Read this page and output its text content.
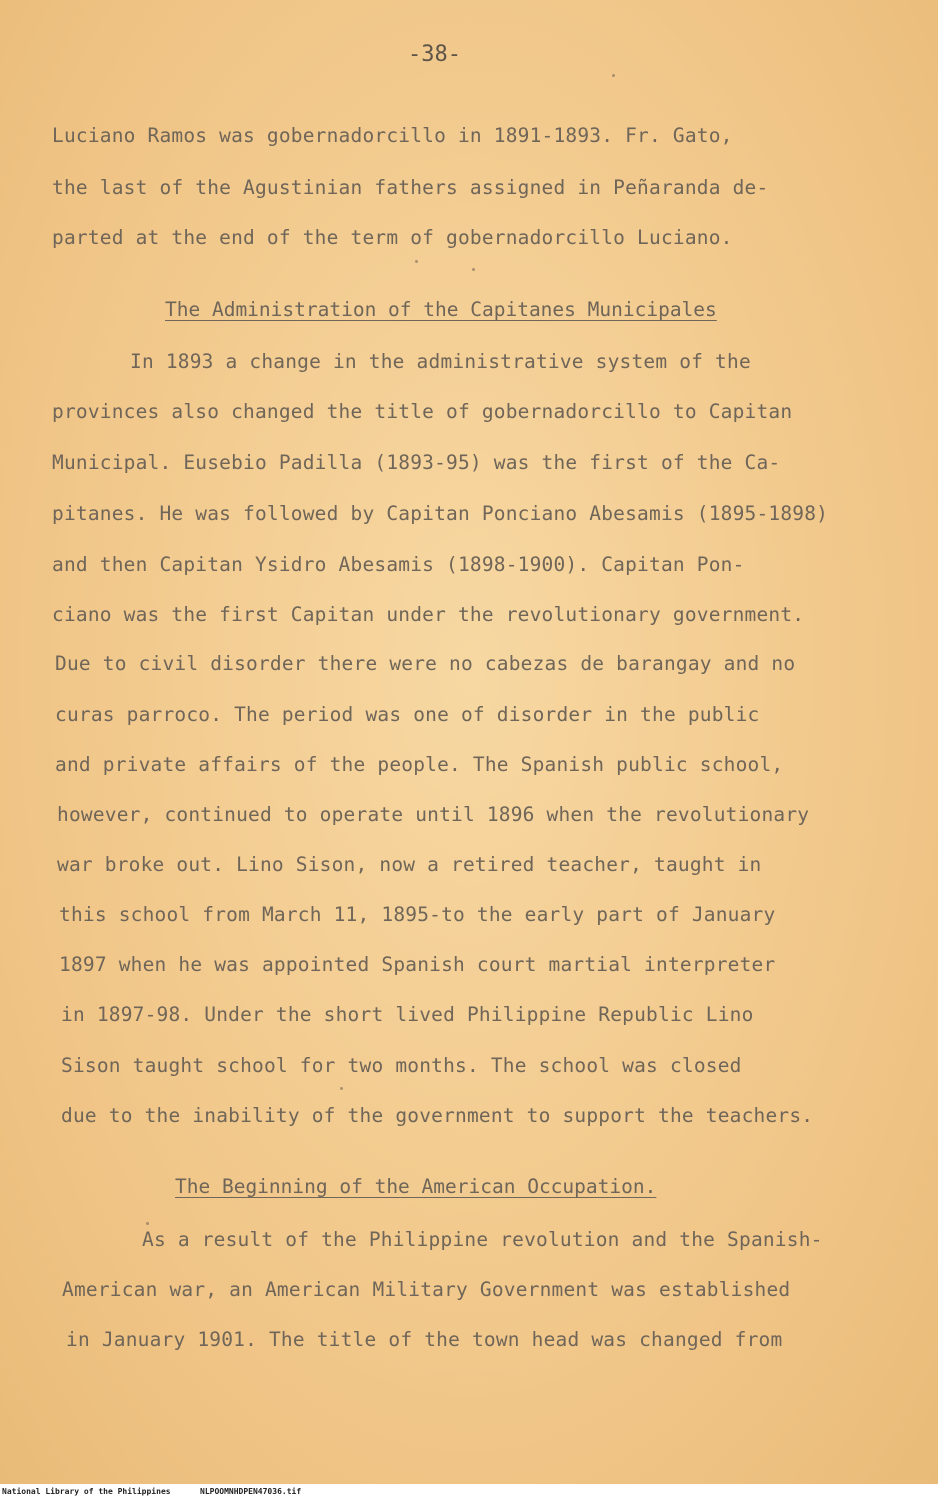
-38-
Luciano Ramos was gobernadorcillo in 1891-1893. Fr. Gato,
the last of the Agustinian fathers assigned in Peñaranda de-
parted at the end of the term of gobernadorcillo Luciano.
The Administration of the Capitanes Municipales
In 1893 a change in the administrative system of the
provinces also changed the title of gobernadorcillo to Capitan
Municipal. Eusebio Padilla (1893-95) was the first of the Ca-
pitanes. He was followed by Capitan Ponciano Abesamis (1895-1898)
and then Capitan Ysidro Abesamis (1898-1900). Capitan Pon-
ciano was the first Capitan under the revolutionary government.
Due to civil disorder there were no cabezas de barangay and no
curas parroco. The period was one of disorder in the public
and private affairs of the people. The Spanish public school,
however, continued to operate until 1896 when the revolutionary
war broke out. Lino Sison, now a retired teacher, taught in
this school from March 11, 1895-to the early part of January
1897 when he was appointed Spanish court martial interpreter
in 1897-98. Under the short lived Philippine Republic Lino
Sison taught school for two months. The school was closed
due to the inability of the government to support the teachers.
The Beginning of the American Occupation.
As a result of the Philippine revolution and the Spanish-
American war, an American Military Government was established
in January 1901. The title of the town head was changed from
National Library of the Philippines	NLPOOMNHDPEN47036.tif
